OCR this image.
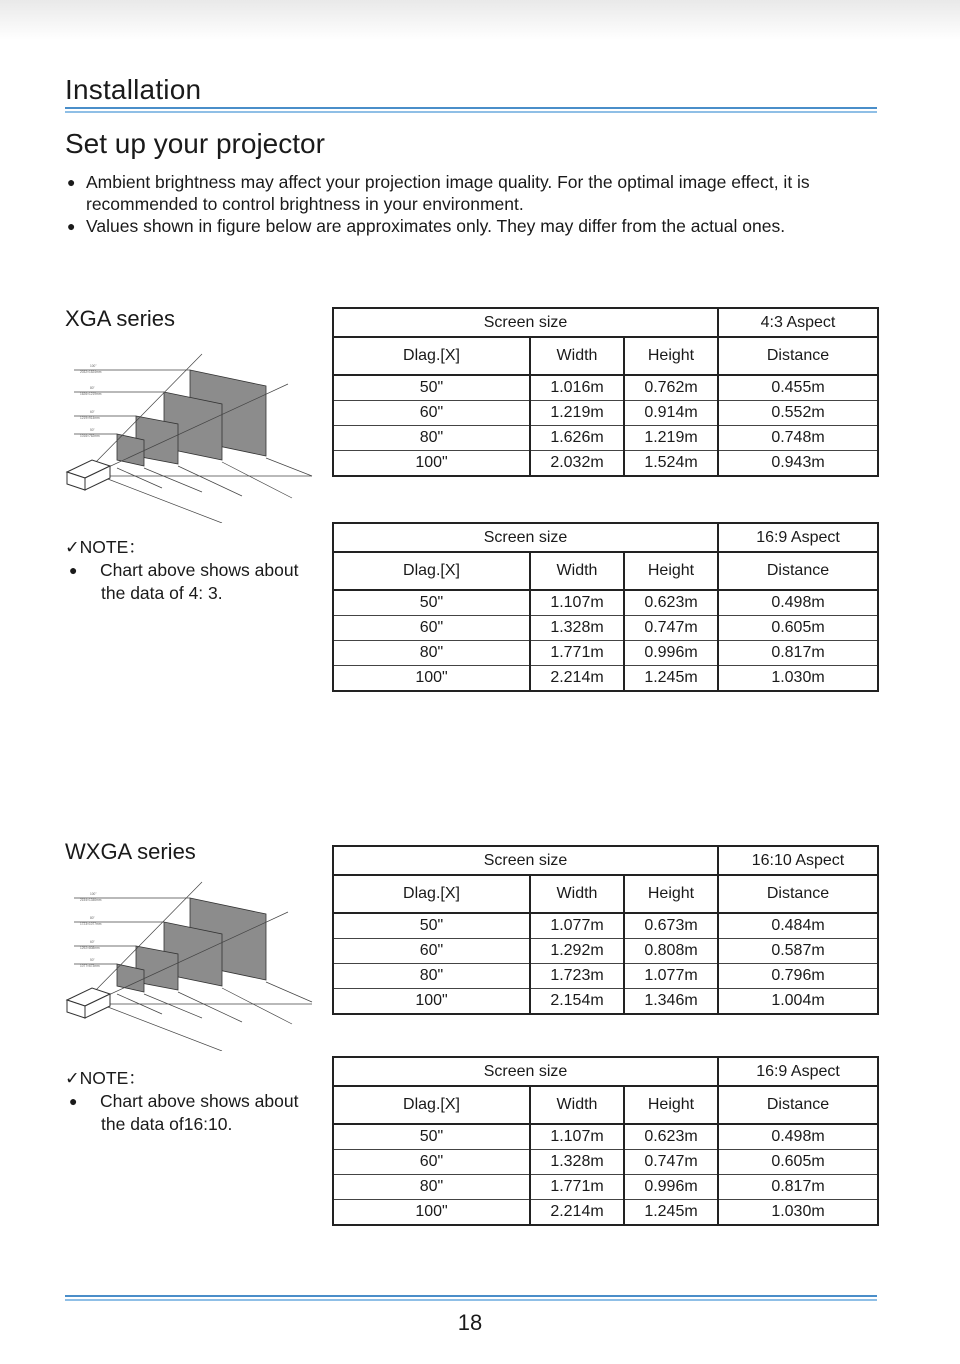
Installation
Set up your projector
● Ambient brightness may affect your projection image quality. For the optimal image effect, it is recommended to control brightness in your environment.
● Values shown in figure below are approximates only. They may differ from the actual ones.
XGA series
100"
2032×1524mm
80"
1626×1219mm
60"
1219×914mm
50"
1016×762mm
Screen size			4:3 Aspect
Dlag.[X]	Width	Height	Distance
50"	1.016m	0.762m	0.455m
60"	1.219m	0.914m	0.552m
80"	1.626m	1.219m	0.748m
100"	2.032m	1.524m	0.943m
✓NOTE：
● Chart above shows about
the data of 4: 3.
Screen size			16:9 Aspect
Dlag.[X]	Width	Height	Distance
50"	1.107m	0.623m	0.498m
60"	1.328m	0.747m	0.605m
80"	1.771m	0.996m	0.817m
100"	2.214m	1.245m	1.030m
WXGA series
100"
2154×1346mm
80"
1723×1077mm
60"
1292×808mm
50"
1077×673mm
Screen size			16:10 Aspect
Dlag.[X]	Width	Height	Distance
50"	1.077m	0.673m	0.484m
60"	1.292m	0.808m	0.587m
80"	1.723m	1.077m	0.796m
100"	2.154m	1.346m	1.004m
✓NOTE：
● Chart above shows about
the data of16:10.
Screen size			16:9 Aspect
Dlag.[X]	Width	Height	Distance
50"	1.107m	0.623m	0.498m
60"	1.328m	0.747m	0.605m
80"	1.771m	0.996m	0.817m
100"	2.214m	1.245m	1.030m
18
